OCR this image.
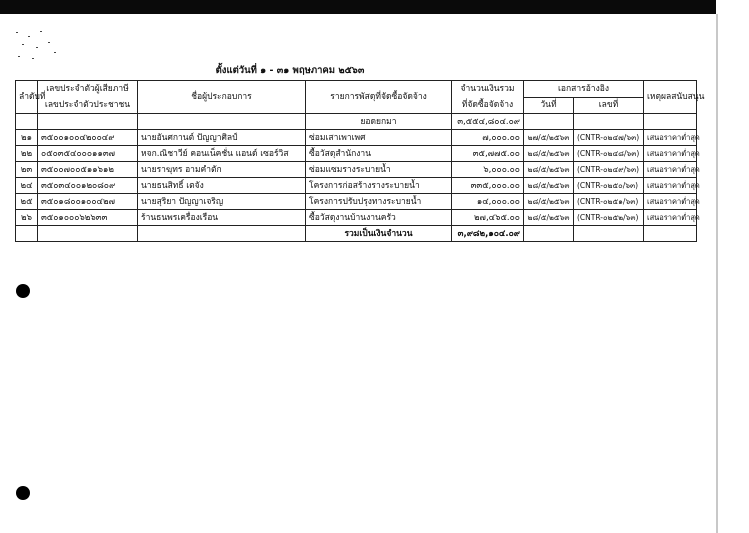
ตั้งแต่วันที่ ๑ - ๓๑ พฤษภาคม ๒๕๖๓
ลำดับที่	เลขประจำตัวผู้เสียภาษี
เลขประจำตัวประชาชน	ชื่อผู้ประกอบการ	รายการพัสดุที่จัดซื้อจัดจ้าง	จำนวนเงินรวม
ที่จัดซื้อจัดจ้าง	เอกสารอ้างอิง		เหตุผลสนับสนุน
					วันที่	เลขที่	
			ยอดยกมา	๓,๕๕๔,๘๐๔.๐๙			
๒๑	๓๕๐๐๑๐๐๔๒๐๐๔๙	นายอันศกานต์ ปัญญาศิลป์	ซ่อมเสาเพาเพศ	๗,๐๐๐.๐๐	๒๗/๕/๒๕๖๓	(CNTR-๐๒๔๗/๖๓)	เสนอราคาต่ำสุด
๒๒	๐๕๐๓๕๔๐๐๐๑๑๓๗	หจก.ณิชาวีย์ คอนเน็คชั่น แอนด์ เซอร์วิส	ซื้อวัสดุสำนักงาน	๓๕,๗๗๕.๐๐	๒๘/๕/๒๕๖๓	(CNTR-๐๒๔๘/๖๓)	เสนอราคาต่ำสุด
๒๓	๓๕๐๐๗๐๐๕๑๑๖๑๒	นายราฆุทร อามคำตัก	ซ่อมแซมรางระบายน้ำ	๖,๐๐๐.๐๐	๒๘/๕/๒๕๖๓	(CNTR-๐๒๔๙/๖๓)	เสนอราคาต่ำสุด
๒๔	๓๕๐๓๔๐๐๑๒๐๘๐๙	นายธนสิทธิ์ เตจัง	โครงการก่อสร้างรางระบายน้ำ	๓๓๕,๐๐๐.๐๐	๒๘/๕/๒๕๖๓	(CNTR-๐๒๕๐/๖๓)	เสนอราคาต่ำสุด
๒๕	๓๕๐๑๘๐๐๑๐๐๔๒๗	นายสุริยา ปัญญาเจริญ	โครงการปรับปรุงทางระบายน้ำ	๑๔,๐๐๐.๐๐	๒๘/๕/๒๕๖๓	(CNTR-๐๒๕๑/๖๓)	เสนอราคาต่ำสุด
๒๖	๓๕๐๑๐๐๐๖๒๖๓๓	ร้านธนพรเครื่องเรือน	ซื้อวัสดุงานบ้านงานครัว	๒๗,๔๖๕.๐๐	๒๘/๕/๒๕๖๓	(CNTR-๐๒๕๒/๖๓)	เสนอราคาต่ำสุด
			รวมเป็นเงินจำนวน	๓,๙๘๒,๑๐๔.๐๙			
